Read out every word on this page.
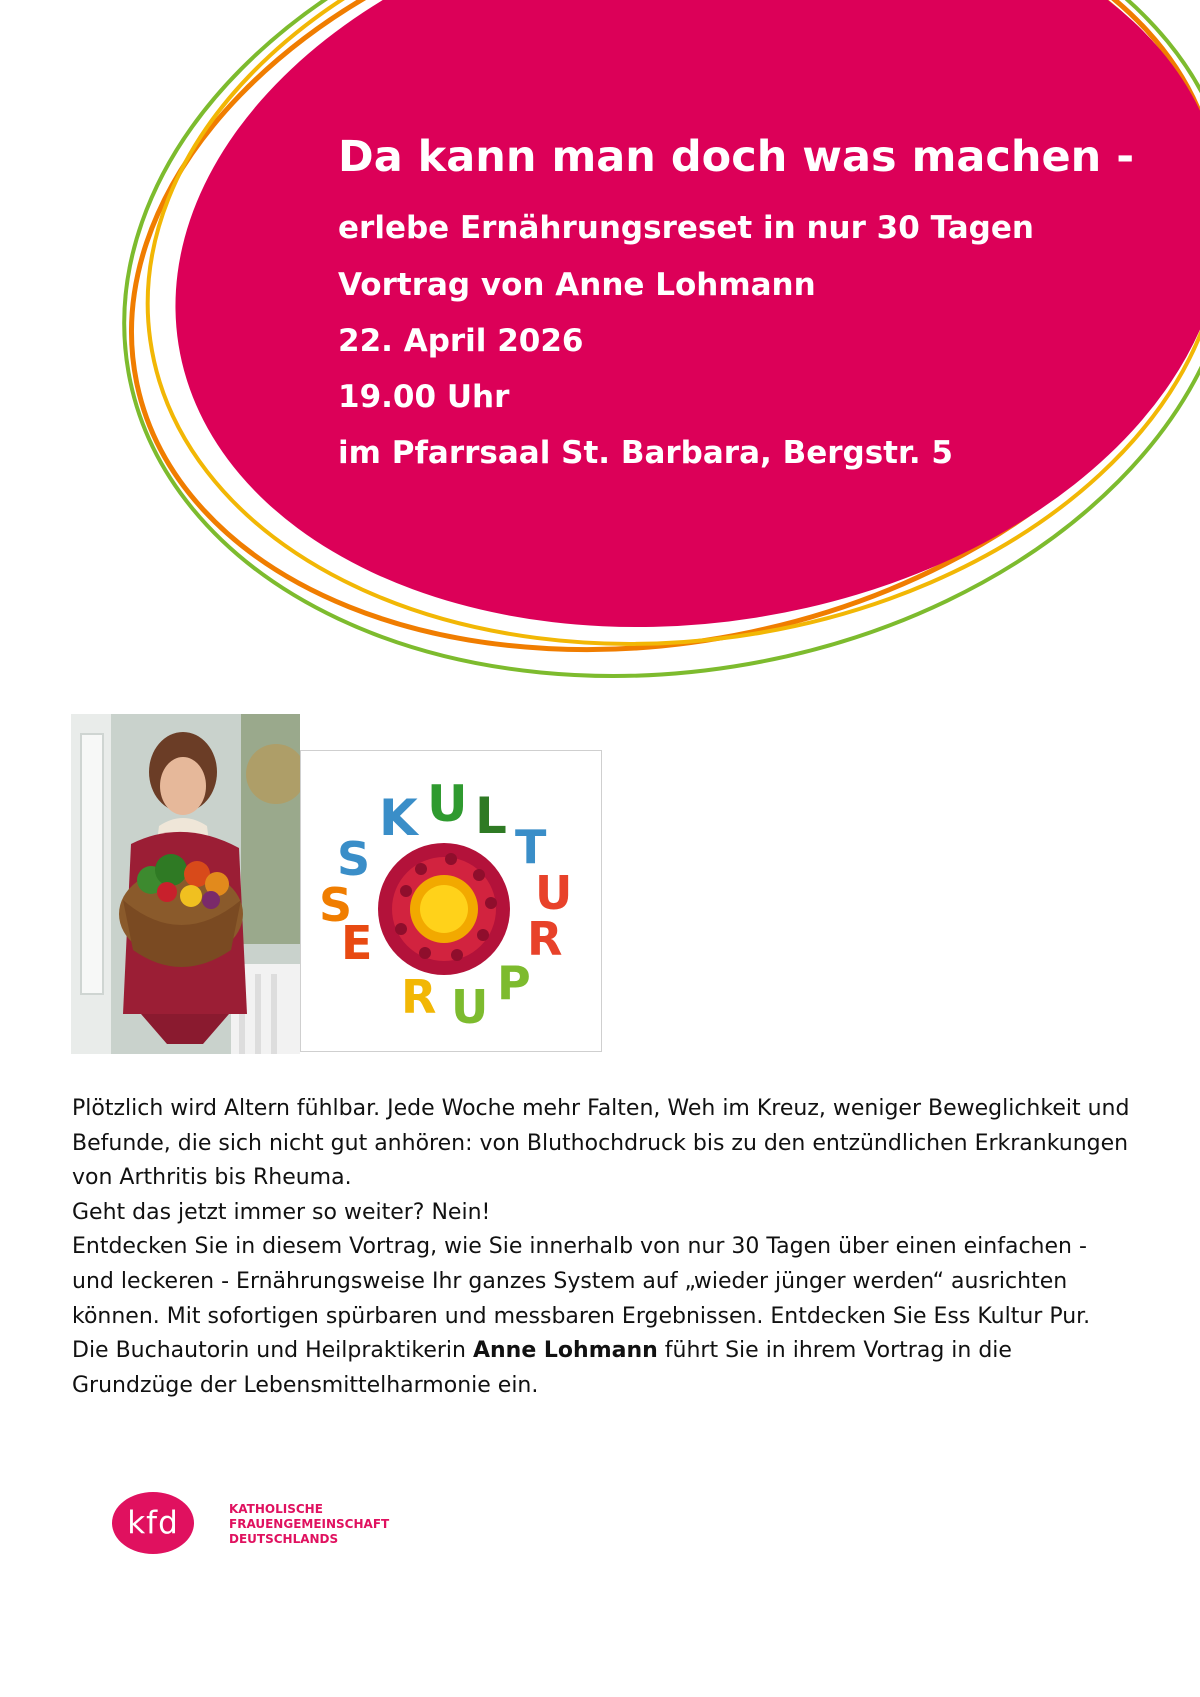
Da kann man doch was machen -
erlebe Ernährungsreset in nur 30 Tagen
Vortrag von Anne Lohmann
22. April 2026
19.00 Uhr
im Pfarrsaal St. Barbara, Bergstr. 5
E
S
S
K U L
T
U
R
P
U
R

Plötzlich wird Altern fühlbar. Jede Woche mehr Falten, Weh im Kreuz, weniger Beweglichkeit und Befunde, die sich nicht gut anhören: von Bluthochdruck bis zu den entzündlichen Erkrankungen von Arthritis bis Rheuma.

Geht das jetzt immer so weiter? Nein!

Entdecken Sie in diesem Vortrag, wie Sie innerhalb von nur 30 Tagen über einen einfachen - und leckeren - Ernährungsweise Ihr ganzes System auf „wieder jünger werden“ ausrichten können. Mit sofortigen spürbaren und messbaren Ergebnissen. Entdecken Sie Ess Kultur Pur.

Die Buchautorin und Heilpraktikerin Anne Lohmann führt Sie in ihrem Vortrag in die Grundzüge der Lebensmittelharmonie ein.

kfd	KATHOLISCHE
FRAUENGEMEINSCHAFT
DEUTSCHLANDS
